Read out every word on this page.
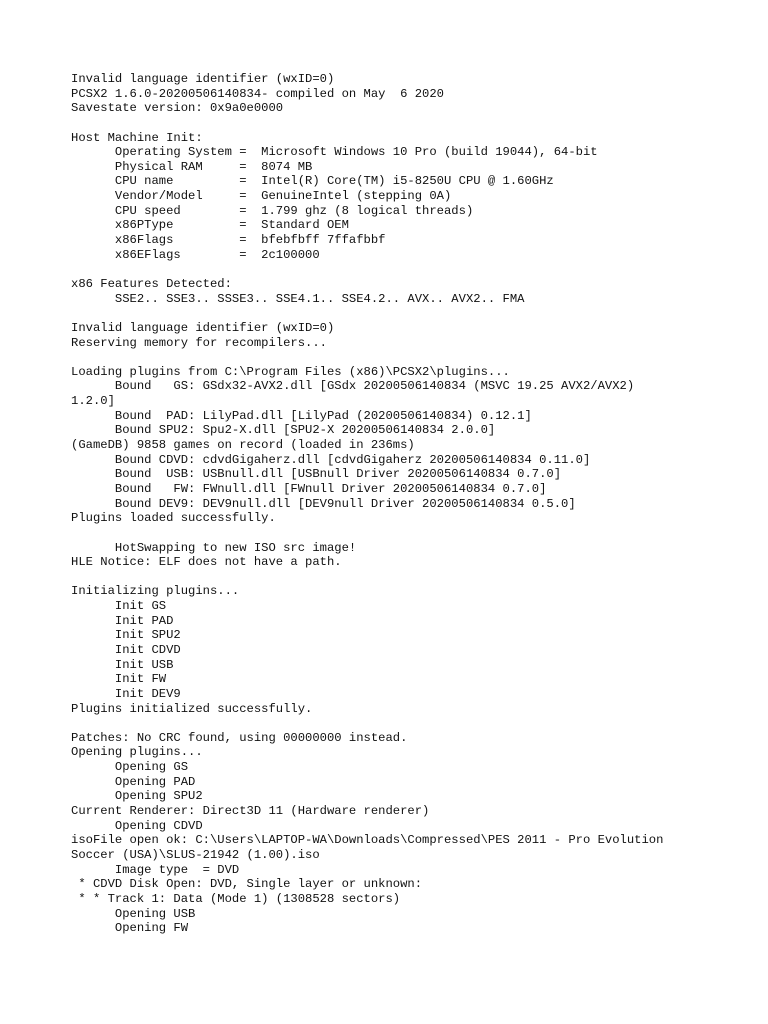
Invalid language identifier (wxID=0)
PCSX2 1.6.0-20200506140834- compiled on May  6 2020
Savestate version: 0x9a0e0000

Host Machine Init:
Operating System =  Microsoft Windows 10 Pro (build 19044), 64-bit
Physical RAM     =  8074 MB
CPU name         =  Intel(R) Core(TM) i5-8250U CPU @ 1.60GHz
Vendor/Model     =  GenuineIntel (stepping 0A)
CPU speed        =  1.799 ghz (8 logical threads)
x86PType         =  Standard OEM
x86Flags         =  bfebfbff 7ffafbbf
x86EFlags        =  2c100000

x86 Features Detected:
SSE2.. SSE3.. SSSE3.. SSE4.1.. SSE4.2.. AVX.. AVX2.. FMA

Invalid language identifier (wxID=0)
Reserving memory for recompilers...

Loading plugins from C:\Program Files (x86)\PCSX2\plugins...
Bound   GS: GSdx32-AVX2.dll [GSdx 20200506140834 (MSVC 19.25 AVX2/AVX2)
1.2.0]
Bound  PAD: LilyPad.dll [LilyPad (20200506140834) 0.12.1]
Bound SPU2: Spu2-X.dll [SPU2-X 20200506140834 2.0.0]
(GameDB) 9858 games on record (loaded in 236ms)
Bound CDVD: cdvdGigaherz.dll [cdvdGigaherz 20200506140834 0.11.0]
Bound  USB: USBnull.dll [USBnull Driver 20200506140834 0.7.0]
Bound   FW: FWnull.dll [FWnull Driver 20200506140834 0.7.0]
Bound DEV9: DEV9null.dll [DEV9null Driver 20200506140834 0.5.0]
Plugins loaded successfully.

HotSwapping to new ISO src image!
HLE Notice: ELF does not have a path.

Initializing plugins...
Init GS
Init PAD
Init SPU2
Init CDVD
Init USB
Init FW
Init DEV9
Plugins initialized successfully.

Patches: No CRC found, using 00000000 instead.
Opening plugins...
Opening GS
Opening PAD
Opening SPU2
Current Renderer: Direct3D 11 (Hardware renderer)
Opening CDVD
isoFile open ok: C:\Users\LAPTOP-WA\Downloads\Compressed\PES 2011 - Pro Evolution
Soccer (USA)\SLUS-21942 (1.00).iso
Image type  = DVD
* CDVD Disk Open: DVD, Single layer or unknown:
* * Track 1: Data (Mode 1) (1308528 sectors)
Opening USB
Opening FW
